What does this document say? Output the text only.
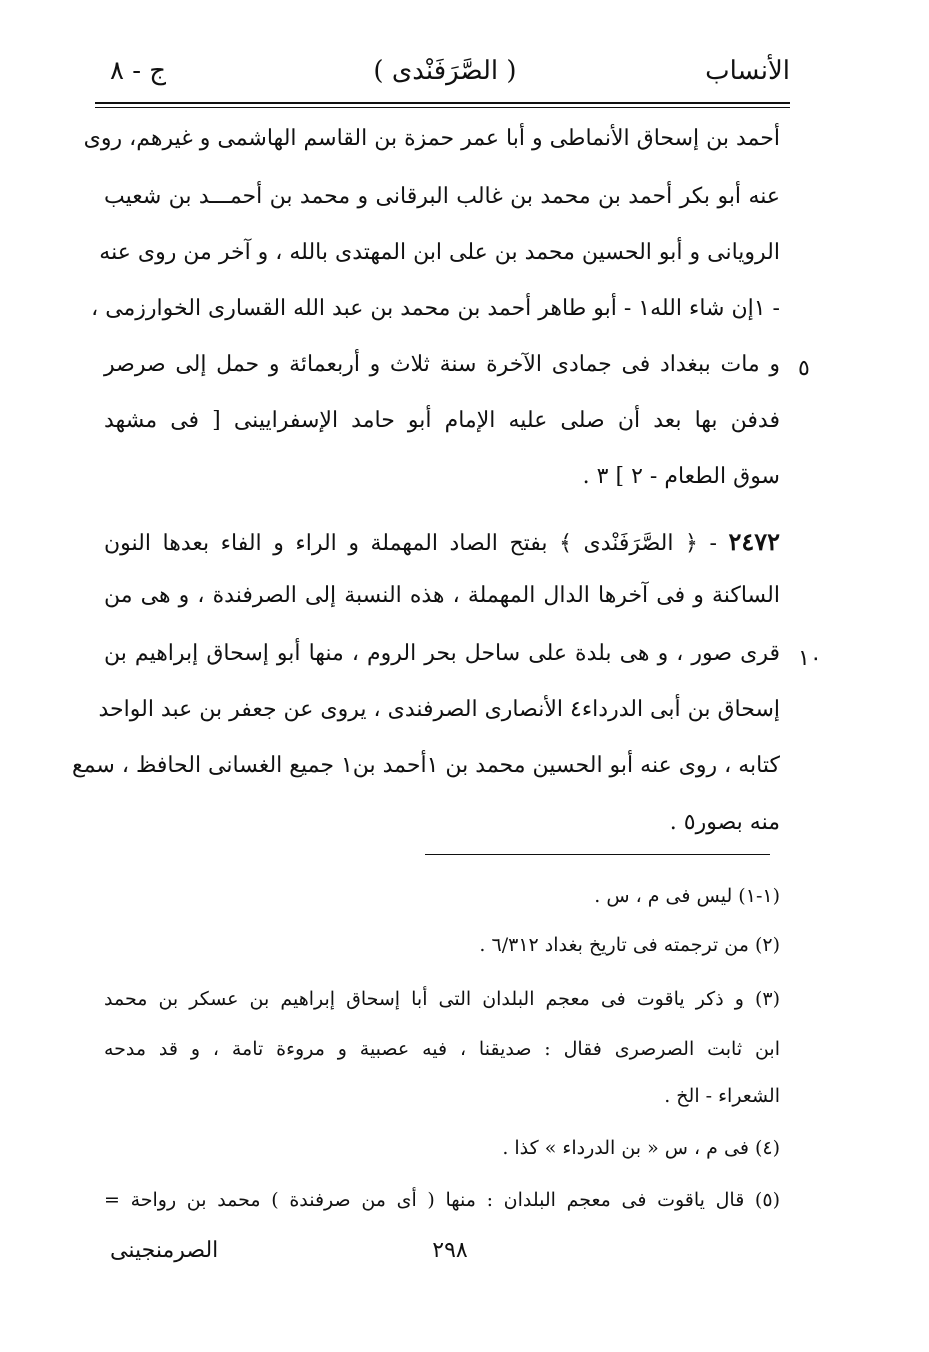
الأنساب
( الصَّرَفَنْدى )
ج - ٨
أحمد بن إسحاق الأنماطى و أبا عمر حمزة بن القاسم الهاشمى و غيرهم، روى
عنه أبو بكر أحمد بن محمد بن غالب البرقانى و محمد بن أحمـــد بن شعيب
الرويانى و أبو الحسين محمد بن على ابن المهتدى بالله ، و آخر من روى عنه
- ١إن شاء الله١ - أبو طاهر أحمد بن محمد بن عبد الله القسارى الخوارزمى ،
و مات ببغداد فى جمادى الآخرة سنة ثلاث و أربعمائة و حمل إلى صرصر
فدفن بها بعد أن صلى عليه الإمام أبو حامد الإسفرايينى [ فى مشهد
سوق الطعام - ٢ ] ٣ .
٢٤٧٢ - ﴿ الصَّرَفَنْدى ﴾ بفتح الصاد المهملة و الراء و الفاء بعدها النون
الساكنة و فى آخرها الدال المهملة ، هذه النسبة إلى الصرفندة ، و هى من
قرى صور ، و هى بلدة على ساحل بحر الروم ، منها أبو إسحاق إبراهيم بن
إسحاق بن أبى الدرداء٤ الأنصارى الصرفندى ، يروى عن جعفر بن عبد الواحد
كتابه ، روى عنه أبو الحسين محمد بن ١أحمد بن١ جميع الغسانى الحافظ ، سمع
منه بصور٥ .
٥
١٠
(١-١) ليس فى م ، س .
(٢) من ترجمته فى تاريخ بغداد ٦/٣١٢ .
(٣) و ذكر ياقوت فى معجم البلدان التى أبا إسحاق إبراهيم بن عسكر بن محمد
ابن ثابت الصرصرى فقال : صديقنا ، فيه عصبية و مروءة تامة ، و قد مدحه
الشعراء - الخ .
(٤) فى م ، س « بن الدرداء » كذا .
(٥) قال ياقوت فى معجم البلدان : منها ( أى من صرفندة ) محمد بن رواحة =
٢٩٨
الصرمنجينى
